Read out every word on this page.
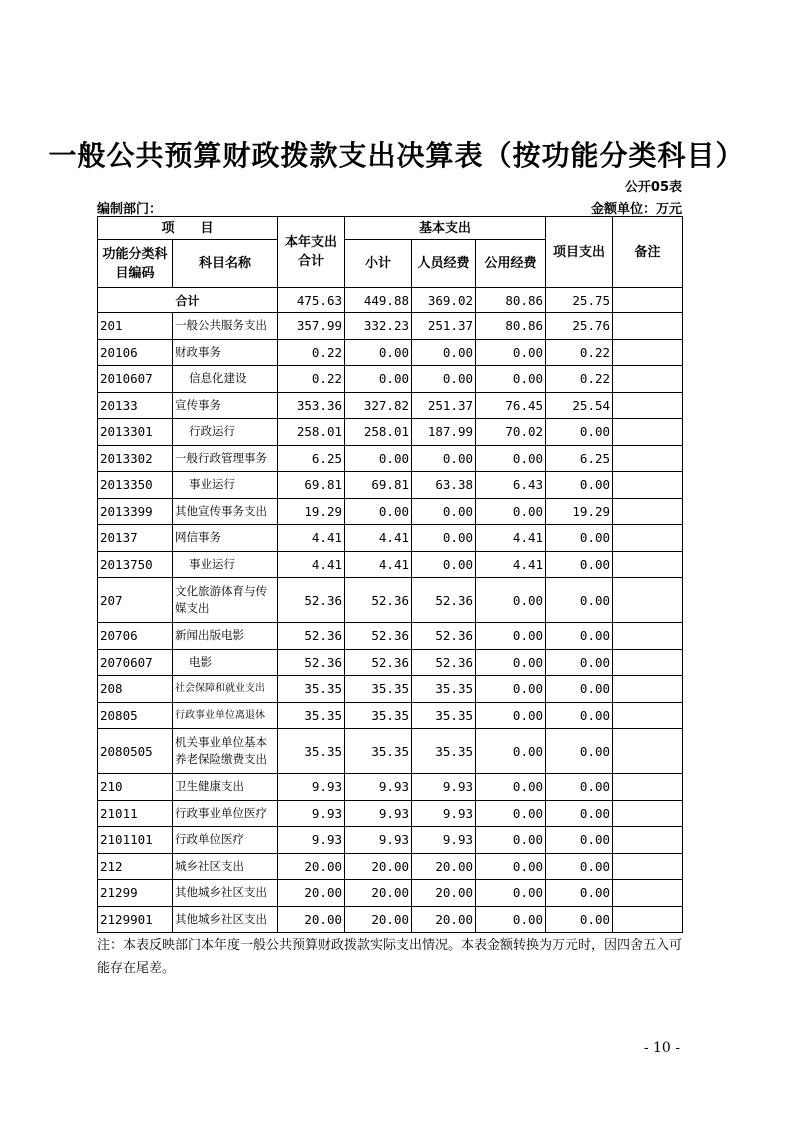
一般公共预算财政拨款支出决算表（按功能分类科目）
公开05表
编制部门：	金额单位：万元
项　　目		本年支出合计	基本支出			项目支出	备注
功能分类科目编码	科目名称		小计	人员经费	公用经费		

合计		475.63	449.88	369.02	80.86	25.75	
201	一般公共服务支出	357.99	332.23	251.37	80.86	25.76	
20106	财政事务	0.22	0.00	0.00	0.00	0.22	
2010607	信息化建设	0.22	0.00	0.00	0.00	0.22	
20133	宣传事务	353.36	327.82	251.37	76.45	25.54	
2013301	行政运行	258.01	258.01	187.99	70.02	0.00	
2013302	一般行政管理事务	6.25	0.00	0.00	0.00	6.25	
2013350	事业运行	69.81	69.81	63.38	6.43	0.00	
2013399	其他宣传事务支出	19.29	0.00	0.00	0.00	19.29	
20137	网信事务	4.41	4.41	0.00	4.41	0.00	
2013750	事业运行	4.41	4.41	0.00	4.41	0.00	
207	文化旅游体育与传媒支出	52.36	52.36	52.36	0.00	0.00	
20706	新闻出版电影	52.36	52.36	52.36	0.00	0.00	
2070607	电影	52.36	52.36	52.36	0.00	0.00	
208	社会保障和就业支出	35.35	35.35	35.35	0.00	0.00	
20805	行政事业单位离退休	35.35	35.35	35.35	0.00	0.00	
2080505	机关事业单位基本养老保险缴费支出	35.35	35.35	35.35	0.00	0.00	
210	卫生健康支出	9.93	9.93	9.93	0.00	0.00	
21011	行政事业单位医疗	9.93	9.93	9.93	0.00	0.00	
2101101	行政单位医疗	9.93	9.93	9.93	0.00	0.00	
212	城乡社区支出	20.00	20.00	20.00	0.00	0.00	
21299	其他城乡社区支出	20.00	20.00	20.00	0.00	0.00	
2129901	其他城乡社区支出	20.00	20.00	20.00	0.00	0.00	
注：本表反映部门本年度一般公共预算财政拨款实际支出情况。本表金额转换为万元时，因四舍五入可能存在尾差。
- 10 -
